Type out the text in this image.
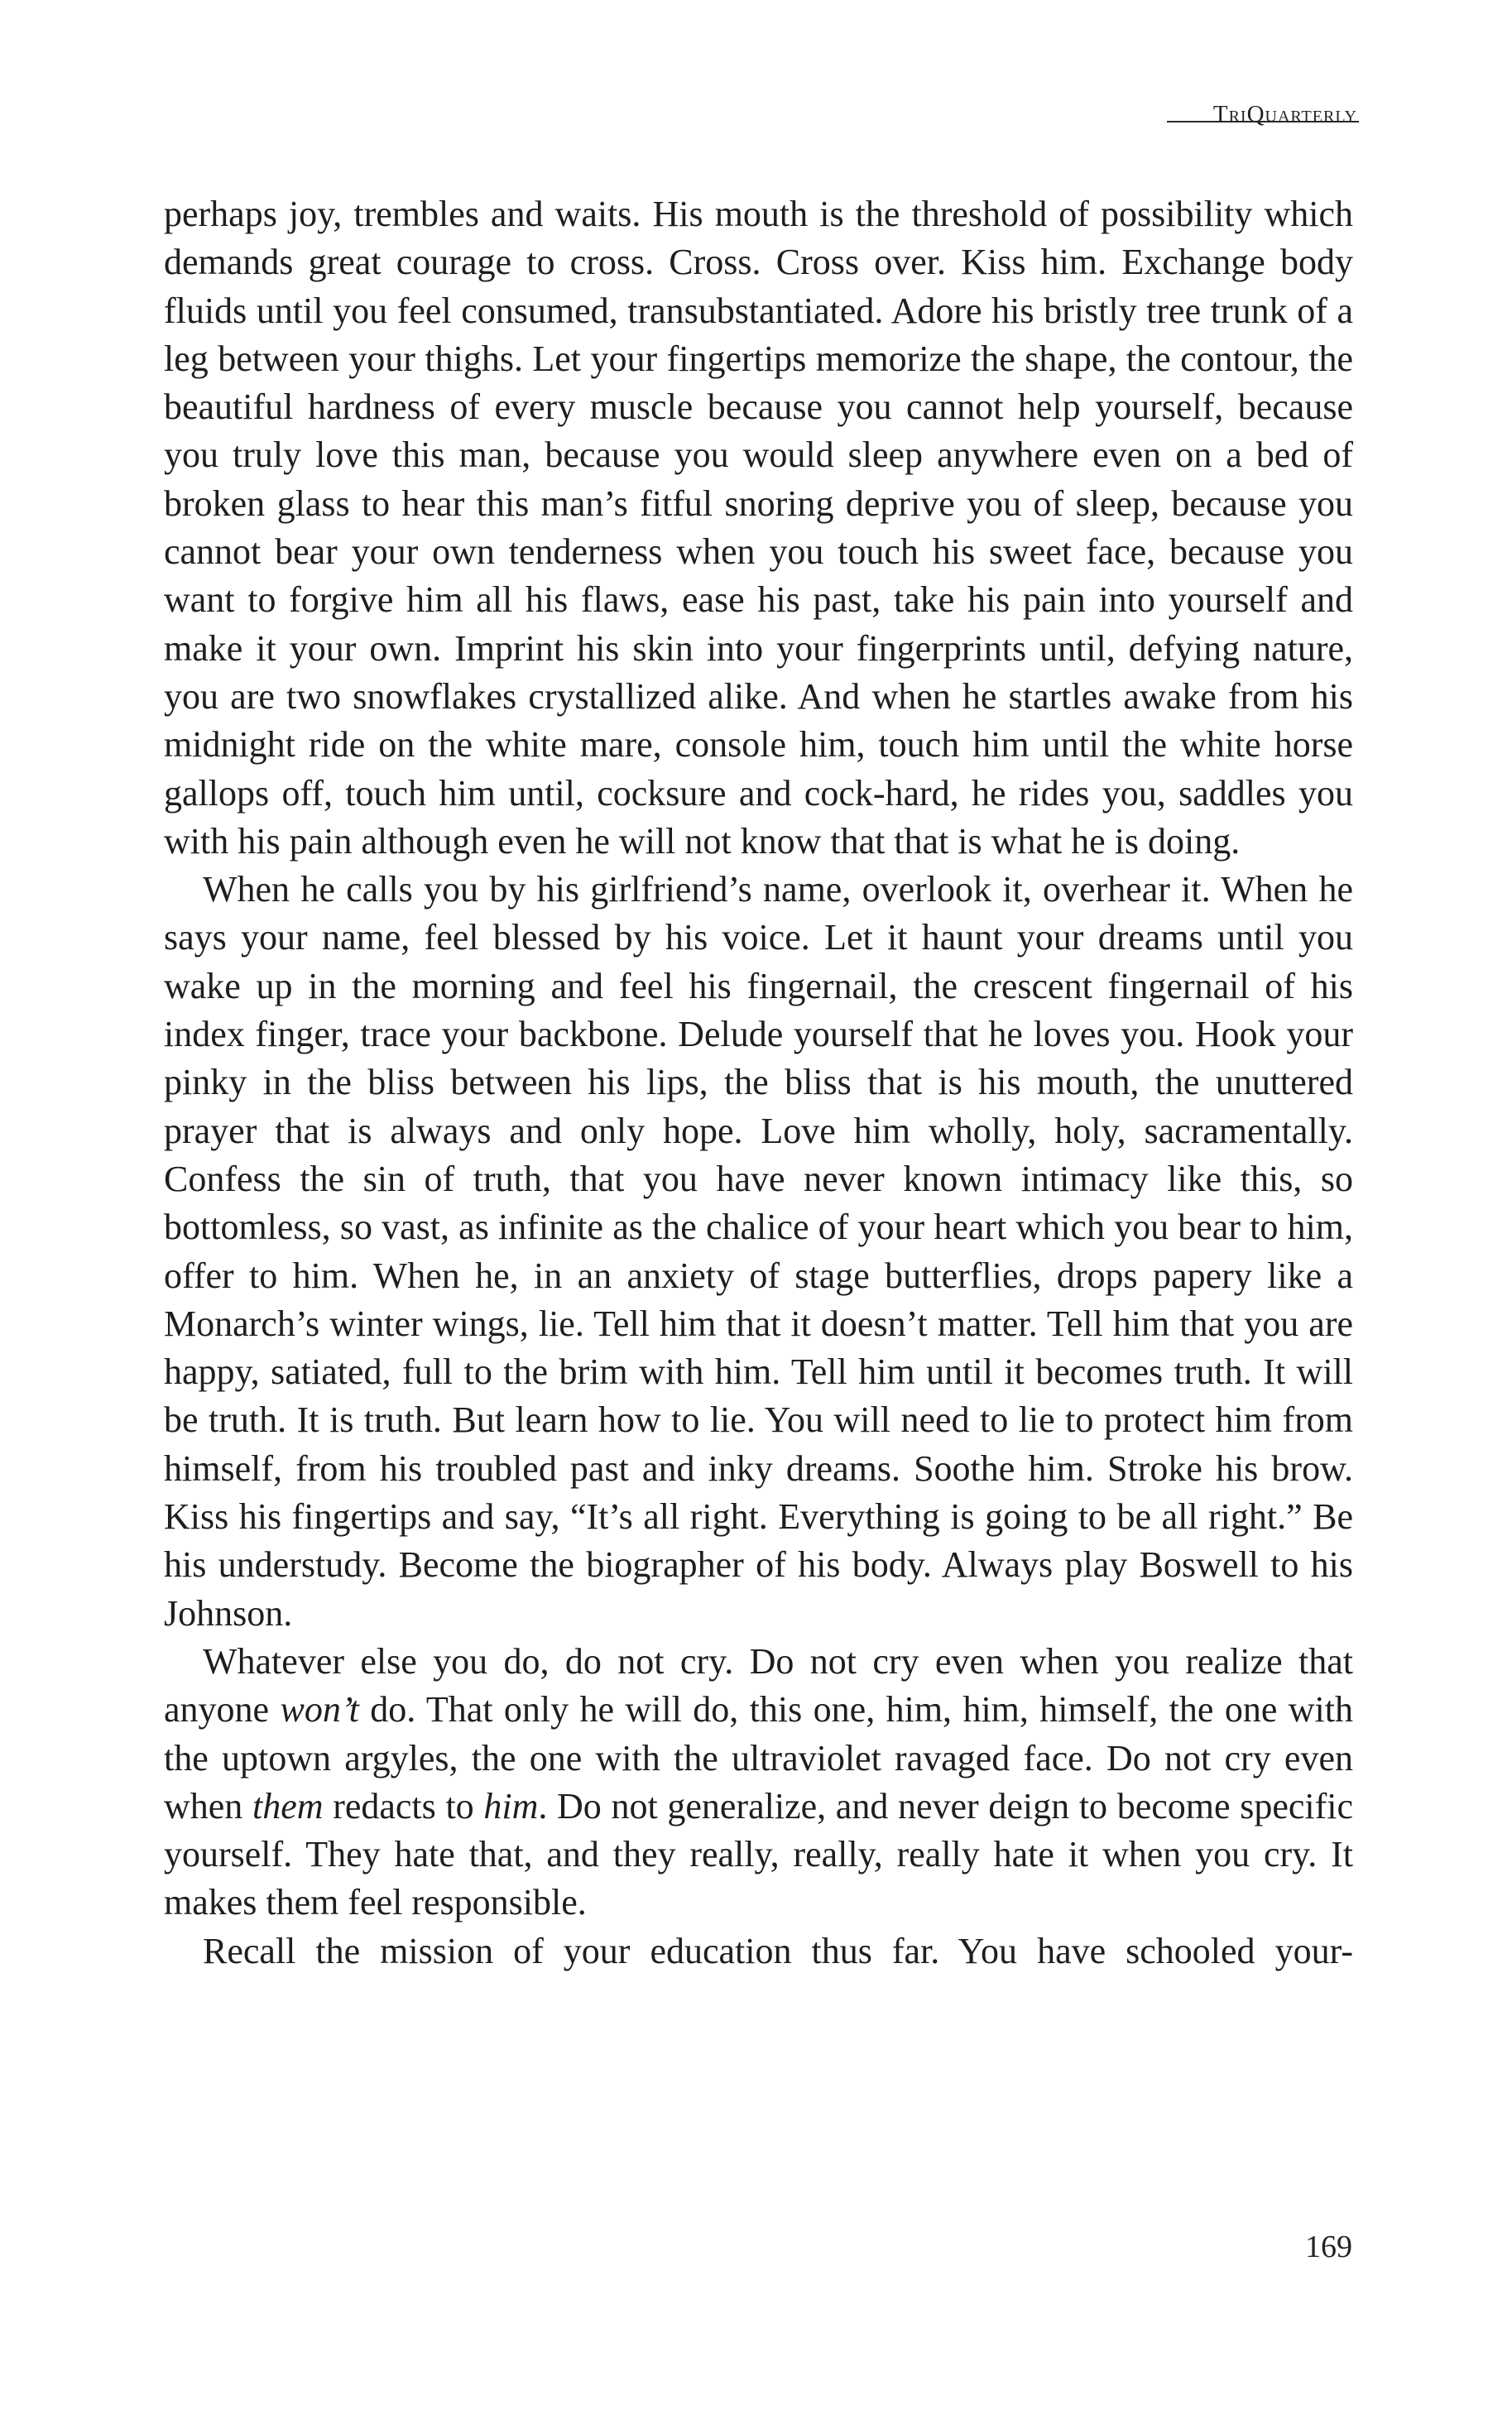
TriQuarterly

perhaps joy, trembles and waits. His mouth is the threshold of possibility which demands great courage to cross. Cross. Cross over. Kiss him. Exchange body fluids until you feel consumed, transubstantiated. Adore his bristly tree trunk of a leg between your thighs. Let your fingertips memorize the shape, the contour, the beautiful hardness of every muscle because you cannot help yourself, because you truly love this man, because you would sleep anywhere even on a bed of broken glass to hear this man’s fitful snoring deprive you of sleep, because you cannot bear your own tenderness when you touch his sweet face, because you want to forgive him all his flaws, ease his past, take his pain into yourself and make it your own. Imprint his skin into your fingerprints until, defying nature, you are two snowflakes crystallized alike. And when he startles awake from his midnight ride on the white mare, console him, touch him until the white horse gallops off, touch him until, cocksure and cock-hard, he rides you, saddles you with his pain although even he will not know that that is what he is doing.

When he calls you by his girlfriend’s name, overlook it, overhear it. When he says your name, feel blessed by his voice. Let it haunt your dreams until you wake up in the morning and feel his fingernail, the crescent fingernail of his index finger, trace your backbone. Delude yourself that he loves you. Hook your pinky in the bliss between his lips, the bliss that is his mouth, the unuttered prayer that is always and only hope. Love him wholly, holy, sacramentally. Confess the sin of truth, that you have never known intimacy like this, so bottomless, so vast, as infinite as the chalice of your heart which you bear to him, offer to him. When he, in an anxiety of stage butterflies, drops papery like a Monarch’s winter wings, lie. Tell him that it doesn’t matter. Tell him that you are happy, satiated, full to the brim with him. Tell him until it becomes truth. It will be truth. It is truth. But learn how to lie. You will need to lie to protect him from himself, from his troubled past and inky dreams. Soothe him. Stroke his brow. Kiss his fingertips and say, “It’s all right. Everything is going to be all right.” Be his understudy. Become the biographer of his body. Always play Boswell to his Johnson.

Whatever else you do, do not cry. Do not cry even when you realize that anyone won’t do. That only he will do, this one, him, him, himself, the one with the uptown argyles, the one with the ultraviolet ravaged face. Do not cry even when them redacts to him. Do not generalize, and never deign to become specific yourself. They hate that, and they really, really, really hate it when you cry. It makes them feel responsible.

Recall the mission of your education thus far. You have schooled your-

169
